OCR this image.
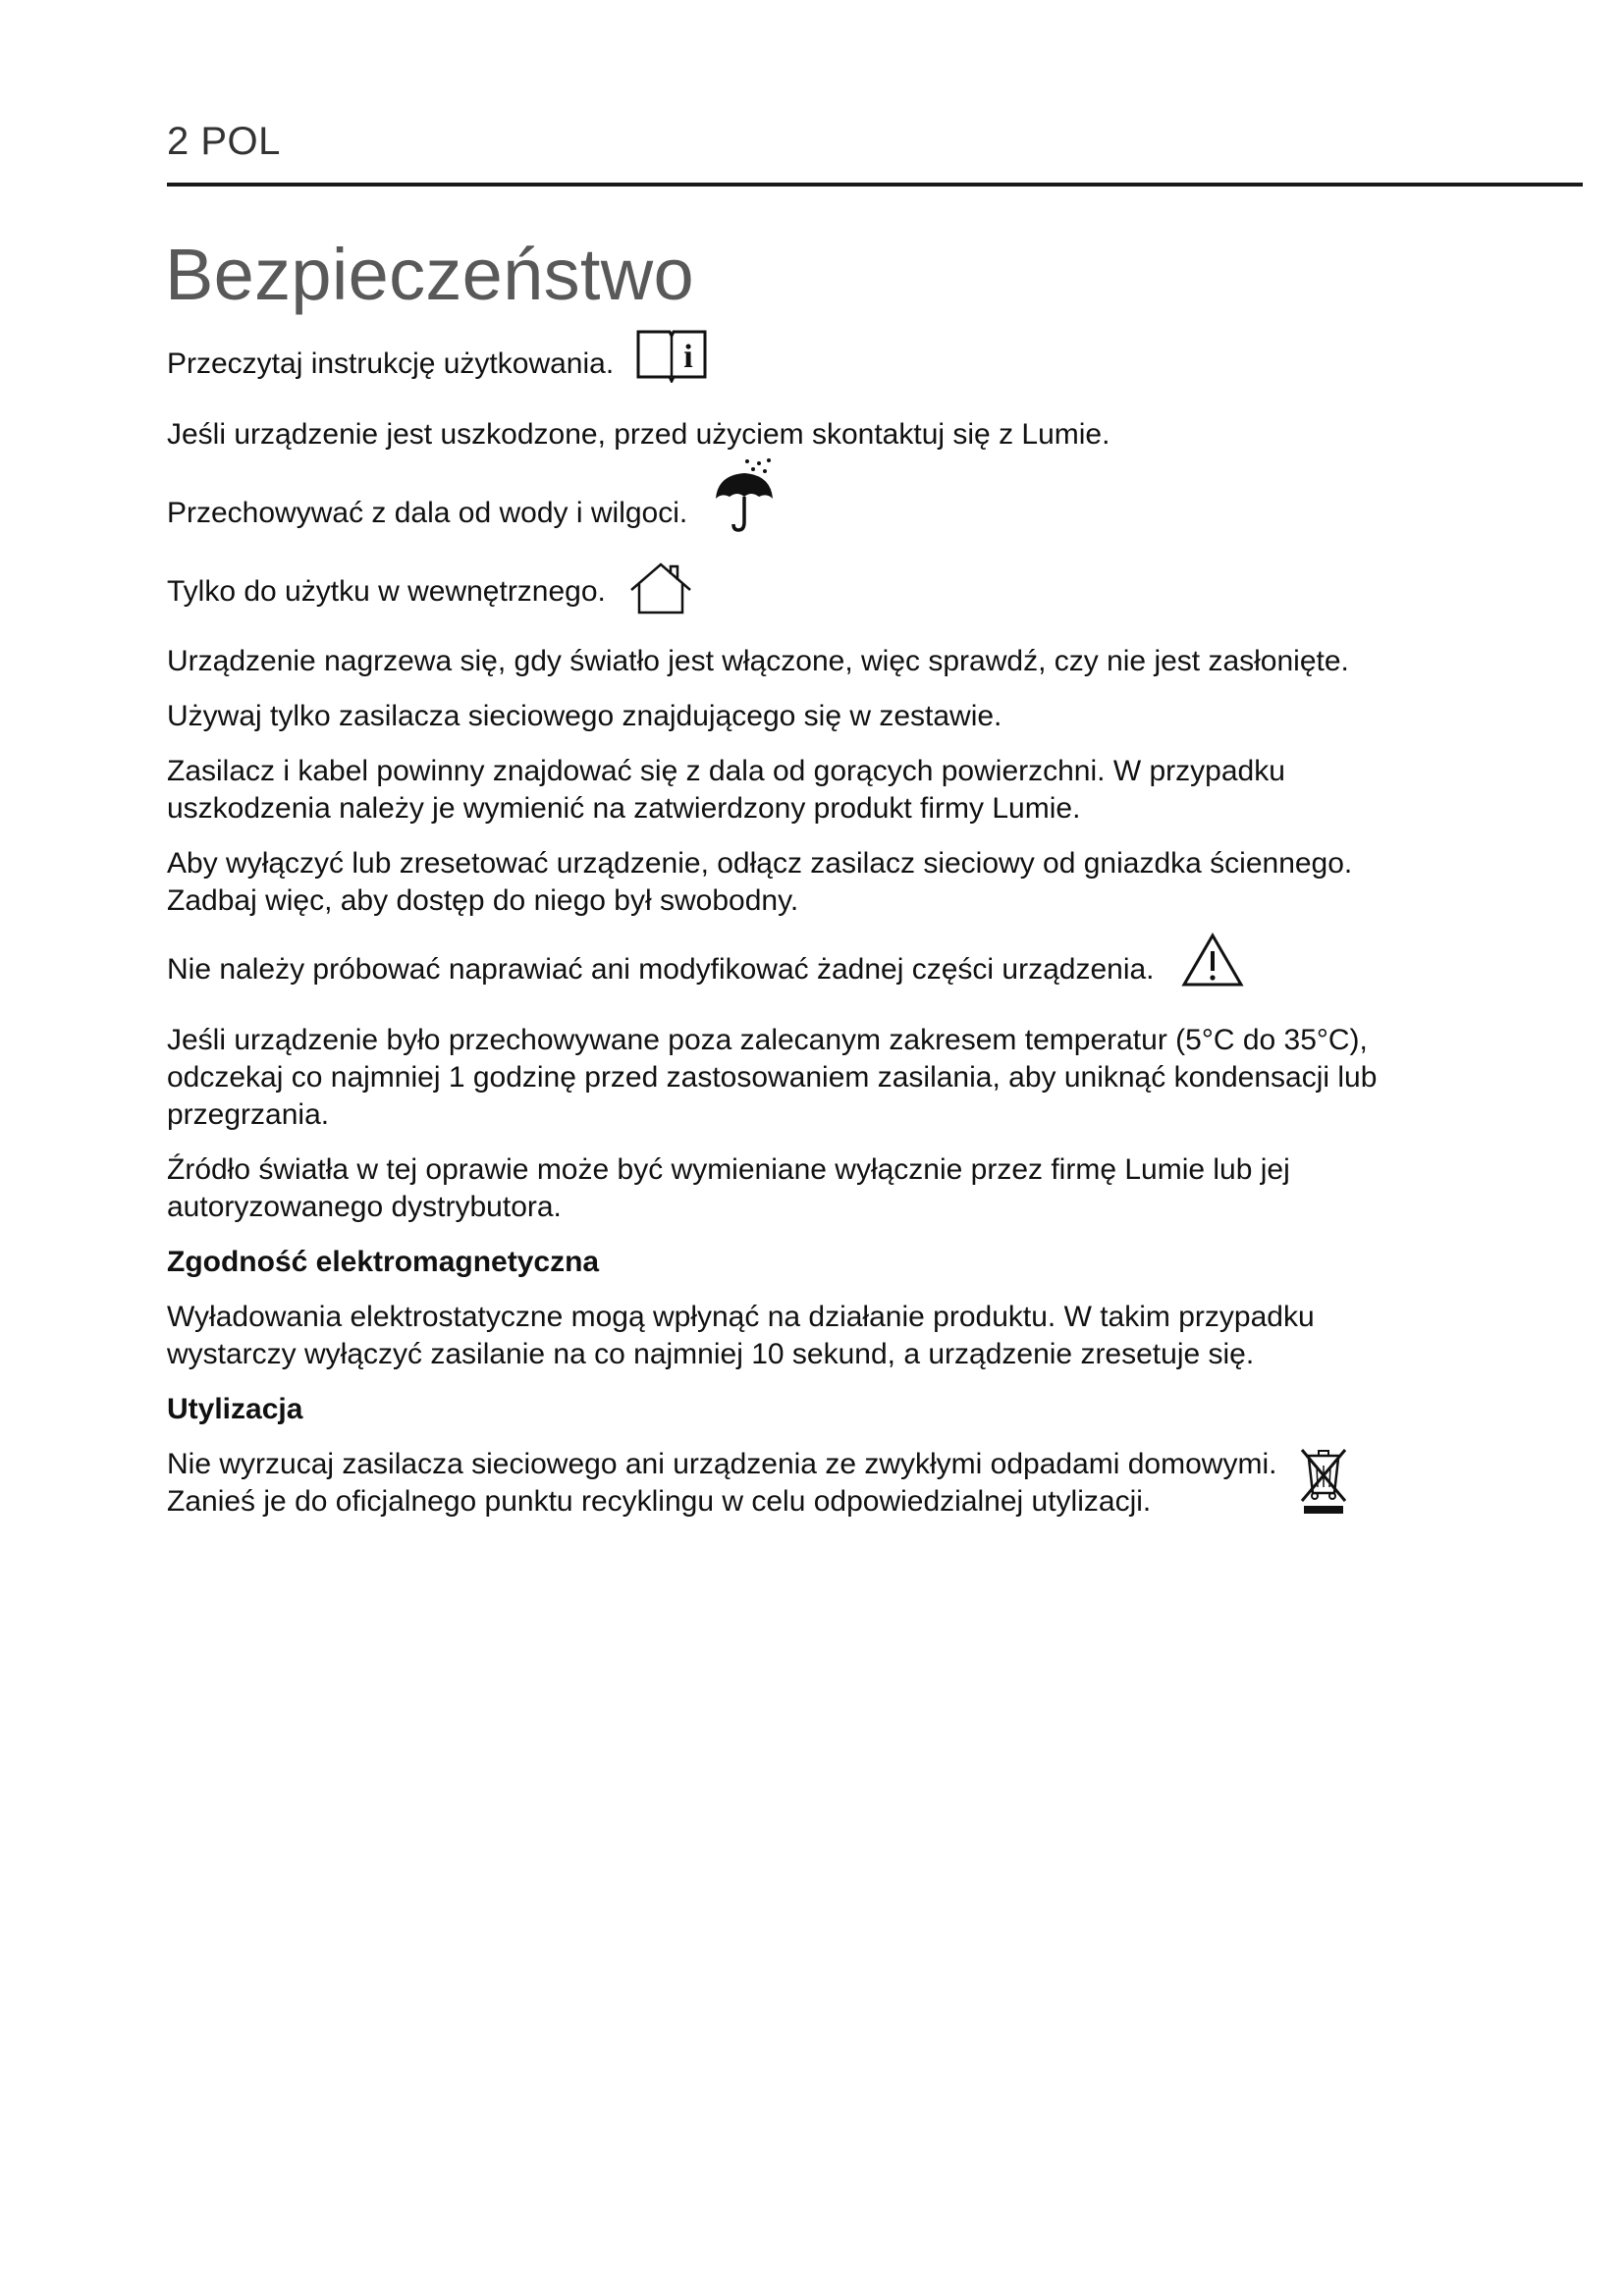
2 POL
Bezpieczeństwo
Przeczytaj instrukcję użytkowania. i
Jeśli urządzenie jest uszkodzone, przed użyciem skontaktuj się z Lumie.
Przechowywać z dala od wody i wilgoci.
Tylko do użytku w wewnętrznego.
Urządzenie nagrzewa się, gdy światło jest włączone, więc sprawdź, czy nie jest zasłonięte.
Używaj tylko zasilacza sieciowego znajdującego się w zestawie.
Zasilacz i kabel powinny znajdować się z dala od gorących powierzchni. W przypadku
uszkodzenia należy je wymienić na zatwierdzony produkt firmy Lumie.
Aby wyłączyć lub zresetować urządzenie, odłącz zasilacz sieciowy od gniazdka ściennego.
Zadbaj więc, aby dostęp do niego był swobodny.
Nie należy próbować naprawiać ani modyfikować żadnej części urządzenia.
Jeśli urządzenie było przechowywane poza zalecanym zakresem temperatur (5°C do 35°C),
odczekaj co najmniej 1 godzinę przed zastosowaniem zasilania, aby uniknąć kondensacji lub
przegrzania.
Źródło światła w tej oprawie może być wymieniane wyłącznie przez firmę Lumie lub jej
autoryzowanego dystrybutora.
Zgodność elektromagnetyczna
Wyładowania elektrostatyczne mogą wpłynąć na działanie produktu. W takim przypadku
wystarczy wyłączyć zasilanie na co najmniej 10 sekund, a urządzenie zresetuje się.
Utylizacja
Nie wyrzucaj zasilacza sieciowego ani urządzenia ze zwykłymi odpadami domowymi.
Zanieś je do oficjalnego punktu recyklingu w celu odpowiedzialnej utylizacji.
